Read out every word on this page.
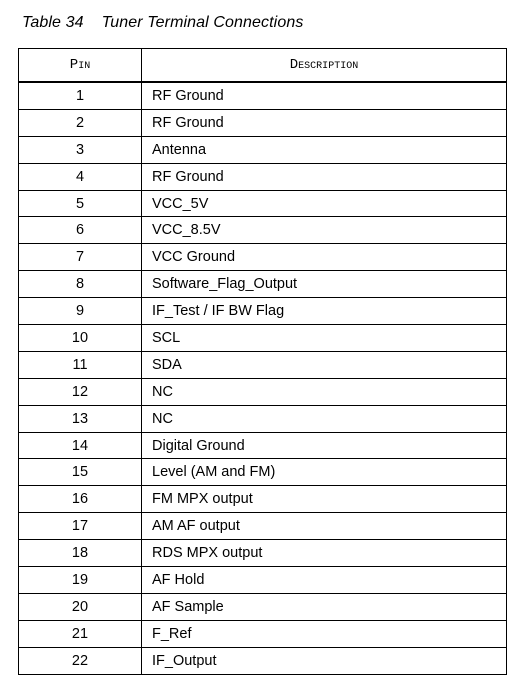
Table 34 Tuner Terminal Connections
Pin	Description
1	RF Ground
2	RF Ground
3	Antenna
4	RF Ground
5	VCC_5V
6	VCC_8.5V
7	VCC Ground
8	Software_Flag_Output
9	IF_Test / IF BW Flag
10	SCL
11	SDA
12	NC
13	NC
14	Digital Ground
15	Level (AM and FM)
16	FM MPX output
17	AM AF output
18	RDS MPX output
19	AF Hold
20	AF Sample
21	F_Ref
22	IF_Output
